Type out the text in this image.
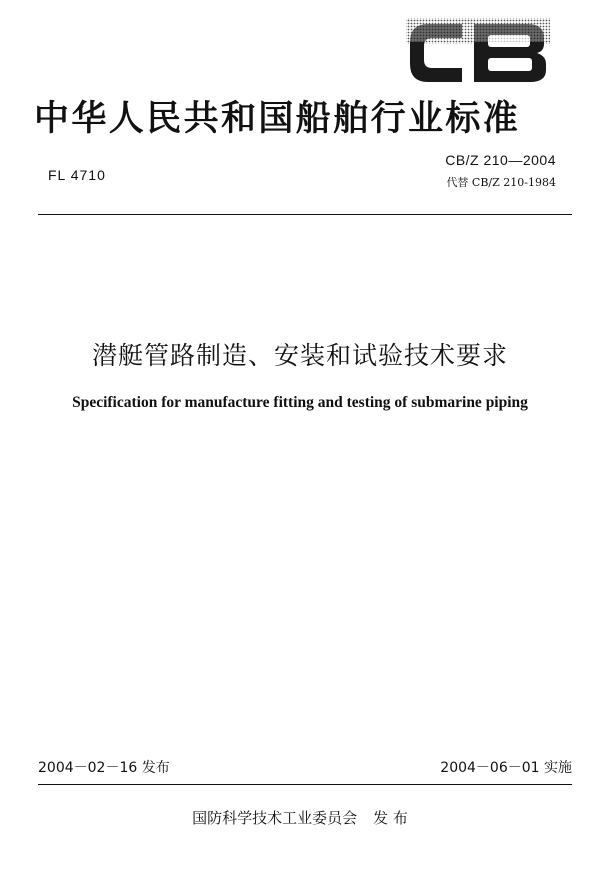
中华人民共和国船舶行业标准
FL 4710
CB/Z 210—2004
代替 CB/Z 210-1984
潜艇管路制造、安装和试验技术要求
Specification for manufacture fitting and testing of submarine piping
2004－02－16 发布	2004－06－01 实施
国防科学技术工业委员会 发 布
